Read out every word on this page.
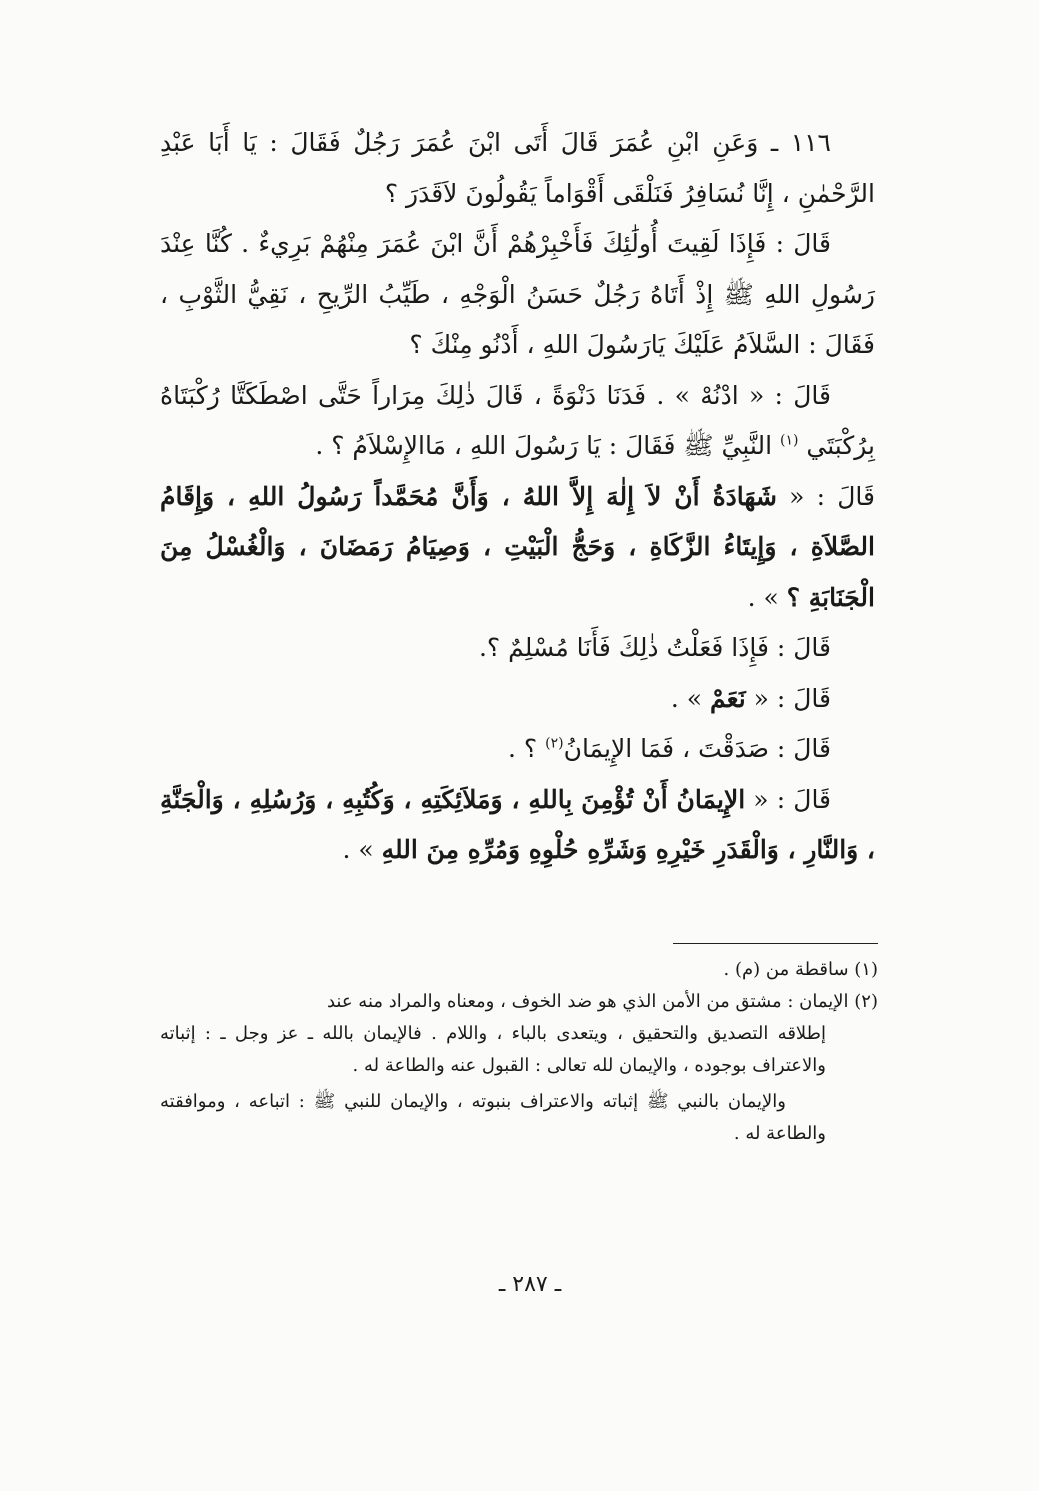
١١٦ ـ وَعَنِ ابْنِ عُمَرَ قَالَ أَتَى ابْنَ عُمَرَ رَجُلٌ فَقَالَ : يَا أَبَا عَبْدِ الرَّحْمٰنِ ، إِنَّا نُسَافِرُ فَنَلْقَى أَقْوَاماً يَقُولُونَ لاَقَدَرَ ؟

قَالَ : فَإِذَا لَقِيتَ أُولَٰئِكَ فَأَخْبِرْهُمْ أَنَّ ابْنَ عُمَرَ مِنْهُمْ بَرِيءٌ . كُنَّا عِنْدَ رَسُولِ اللهِ ﷺ إِذْ أَتَاهُ رَجُلٌ حَسَنُ الْوَجْهِ ، طَيِّبُ الرِّيحِ ، نَقِيُّ الثَّوْبِ ، فَقَالَ : السَّلاَمُ عَلَيْكَ يَارَسُولَ اللهِ ، أَدْنُو مِنْكَ ؟

قَالَ : « ادْنُهْ » . فَدَنَا دَنْوَةً ، قَالَ ذٰلِكَ مِرَاراً حَتَّى اصْطَكَتَّا رُكْبَتَاهُ بِرُكْبَتَي $^{(١)}$ النَّبِيِّ ﷺ فَقَالَ : يَا رَسُولَ اللهِ ، مَاالإِسْلاَمُ ؟ .

قَالَ : « شَهَادَةُ أَنْ لاَ إِلٰهَ إِلاَّ اللهُ ، وَأَنَّ مُحَمَّداً رَسُولُ اللهِ ، وَإِقَامُ الصَّلاَةِ ، وَإِيتَاءُ الزَّكَاةِ ، وَحَجُّ الْبَيْتِ ، وَصِيَامُ رَمَضَانَ ، وَالْغُسْلُ مِنَ الْجَنَابَةِ ؟ » .

قَالَ : فَإِذَا فَعَلْتُ ذٰلِكَ فَأَنَا مُسْلِمٌ ؟.

قَالَ : « نَعَمْ » .

قَالَ : صَدَقْتَ ، فَمَا الإِيمَانُ$^{(٢)}$ ؟ .

قَالَ : « الإِيمَانُ أَنْ تُؤْمِنَ بِاللهِ ، وَمَلاَئِكَتِهِ ، وَكُتُبِهِ ، وَرُسُلِهِ ، وَالْجَنَّةِ ، وَالنَّارِ ، وَالْقَدَرِ خَيْرِهِ وَشَرِّهِ حُلْوِهِ وَمُرِّهِ مِنَ اللهِ » .

(١) ساقطة من (م) .

(٢) الإيمان : مشتق من الأمن الذي هو ضد الخوف ، ومعناه والمراد منه عند

إطلاقه التصديق والتحقيق ، ويتعدى بالباء ، واللام . فالإيمان بالله ـ عز وجل ـ : إثباته والاعتراف بوجوده ، والإيمان لله تعالى : القبول عنه والطاعة له .

والإيمان بالنبي ﷺ إثباته والاعتراف بنبوته ، والإيمان للنبي ﷺ : اتباعه ، وموافقته والطاعة له .

ـ ٢٨٧ ـ
